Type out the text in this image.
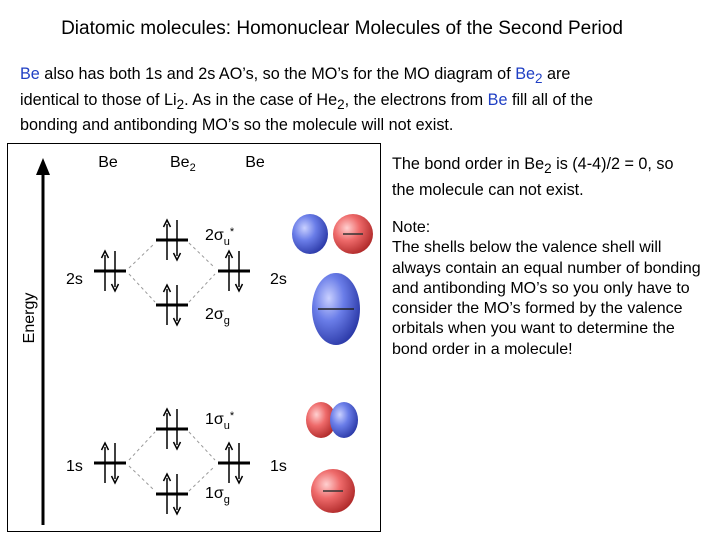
Diatomic molecules: Homonuclear Molecules of the Second Period
Be also has both 1s and 2s AO’s, so the MO’s for the MO diagram of $Be_2$ are
identical to those of $Li_2$. As in the case of $He_2$, the electrons from Be fill all of the
bonding and antibonding MO’s so the molecule will not exist.
Energy
Be	$Be_2$	Be
2s	2s
1s	1s
$2\sigma_u^*$
$2\sigma_g$
$1\sigma_u^*$
$1\sigma_g$
The bond order in $Be_2$ is (4-4)/2 = 0, so
the molecule can not exist.
Note:
The shells below the valence shell will always contain an equal number of bonding and antibonding MO’s so you only have to consider the MO’s formed by the valence orbitals when you want to determine the bond order in a molecule!
